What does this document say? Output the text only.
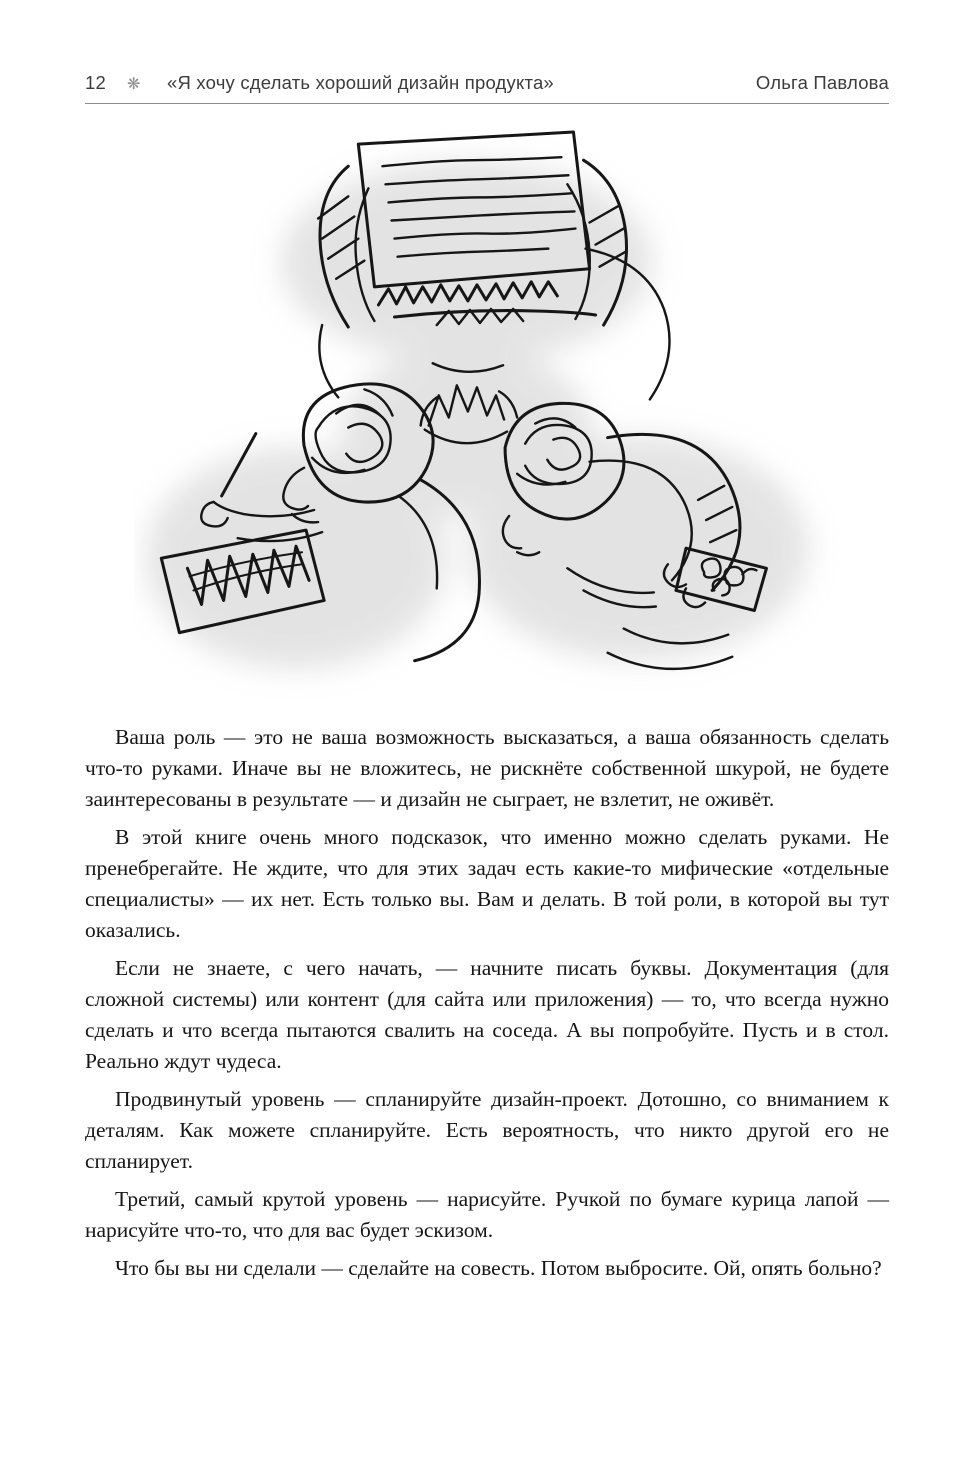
12	❋	«Я хочу сделать хороший дизайн продукта»	Ольга Павлова

Ваша роль — это не ваша возможность высказаться, а ваша обязанность сделать что-то руками. Иначе вы не вложитесь, не рискнёте собственной шкурой, не будете заинтересованы в результате — и дизайн не сыграет, не взлетит, не оживёт.

В этой книге очень много подсказок, что именно можно сделать руками. Не пренебрегайте. Не ждите, что для этих задач есть какие-то мифические «отдельные специалисты» — их нет. Есть только вы. Вам и делать. В той роли, в которой вы тут оказались.

Если не знаете, с чего начать, — начните писать буквы. Документация (для сложной системы) или контент (для сайта или приложения) — то, что всегда нужно сделать и что всегда пытаются свалить на соседа. А вы попробуйте. Пусть и в стол. Реально ждут чудеса.

Продвинутый уровень — спланируйте дизайн-проект. Дотошно, со вниманием к деталям. Как можете спланируйте. Есть вероятность, что никто другой его не спланирует.

Третий, самый крутой уровень — нарисуйте. Ручкой по бумаге курица лапой — нарисуйте что-то, что для вас будет эскизом.

Что бы вы ни сделали — сделайте на совесть. Потом выбросите. Ой, опять больно?
